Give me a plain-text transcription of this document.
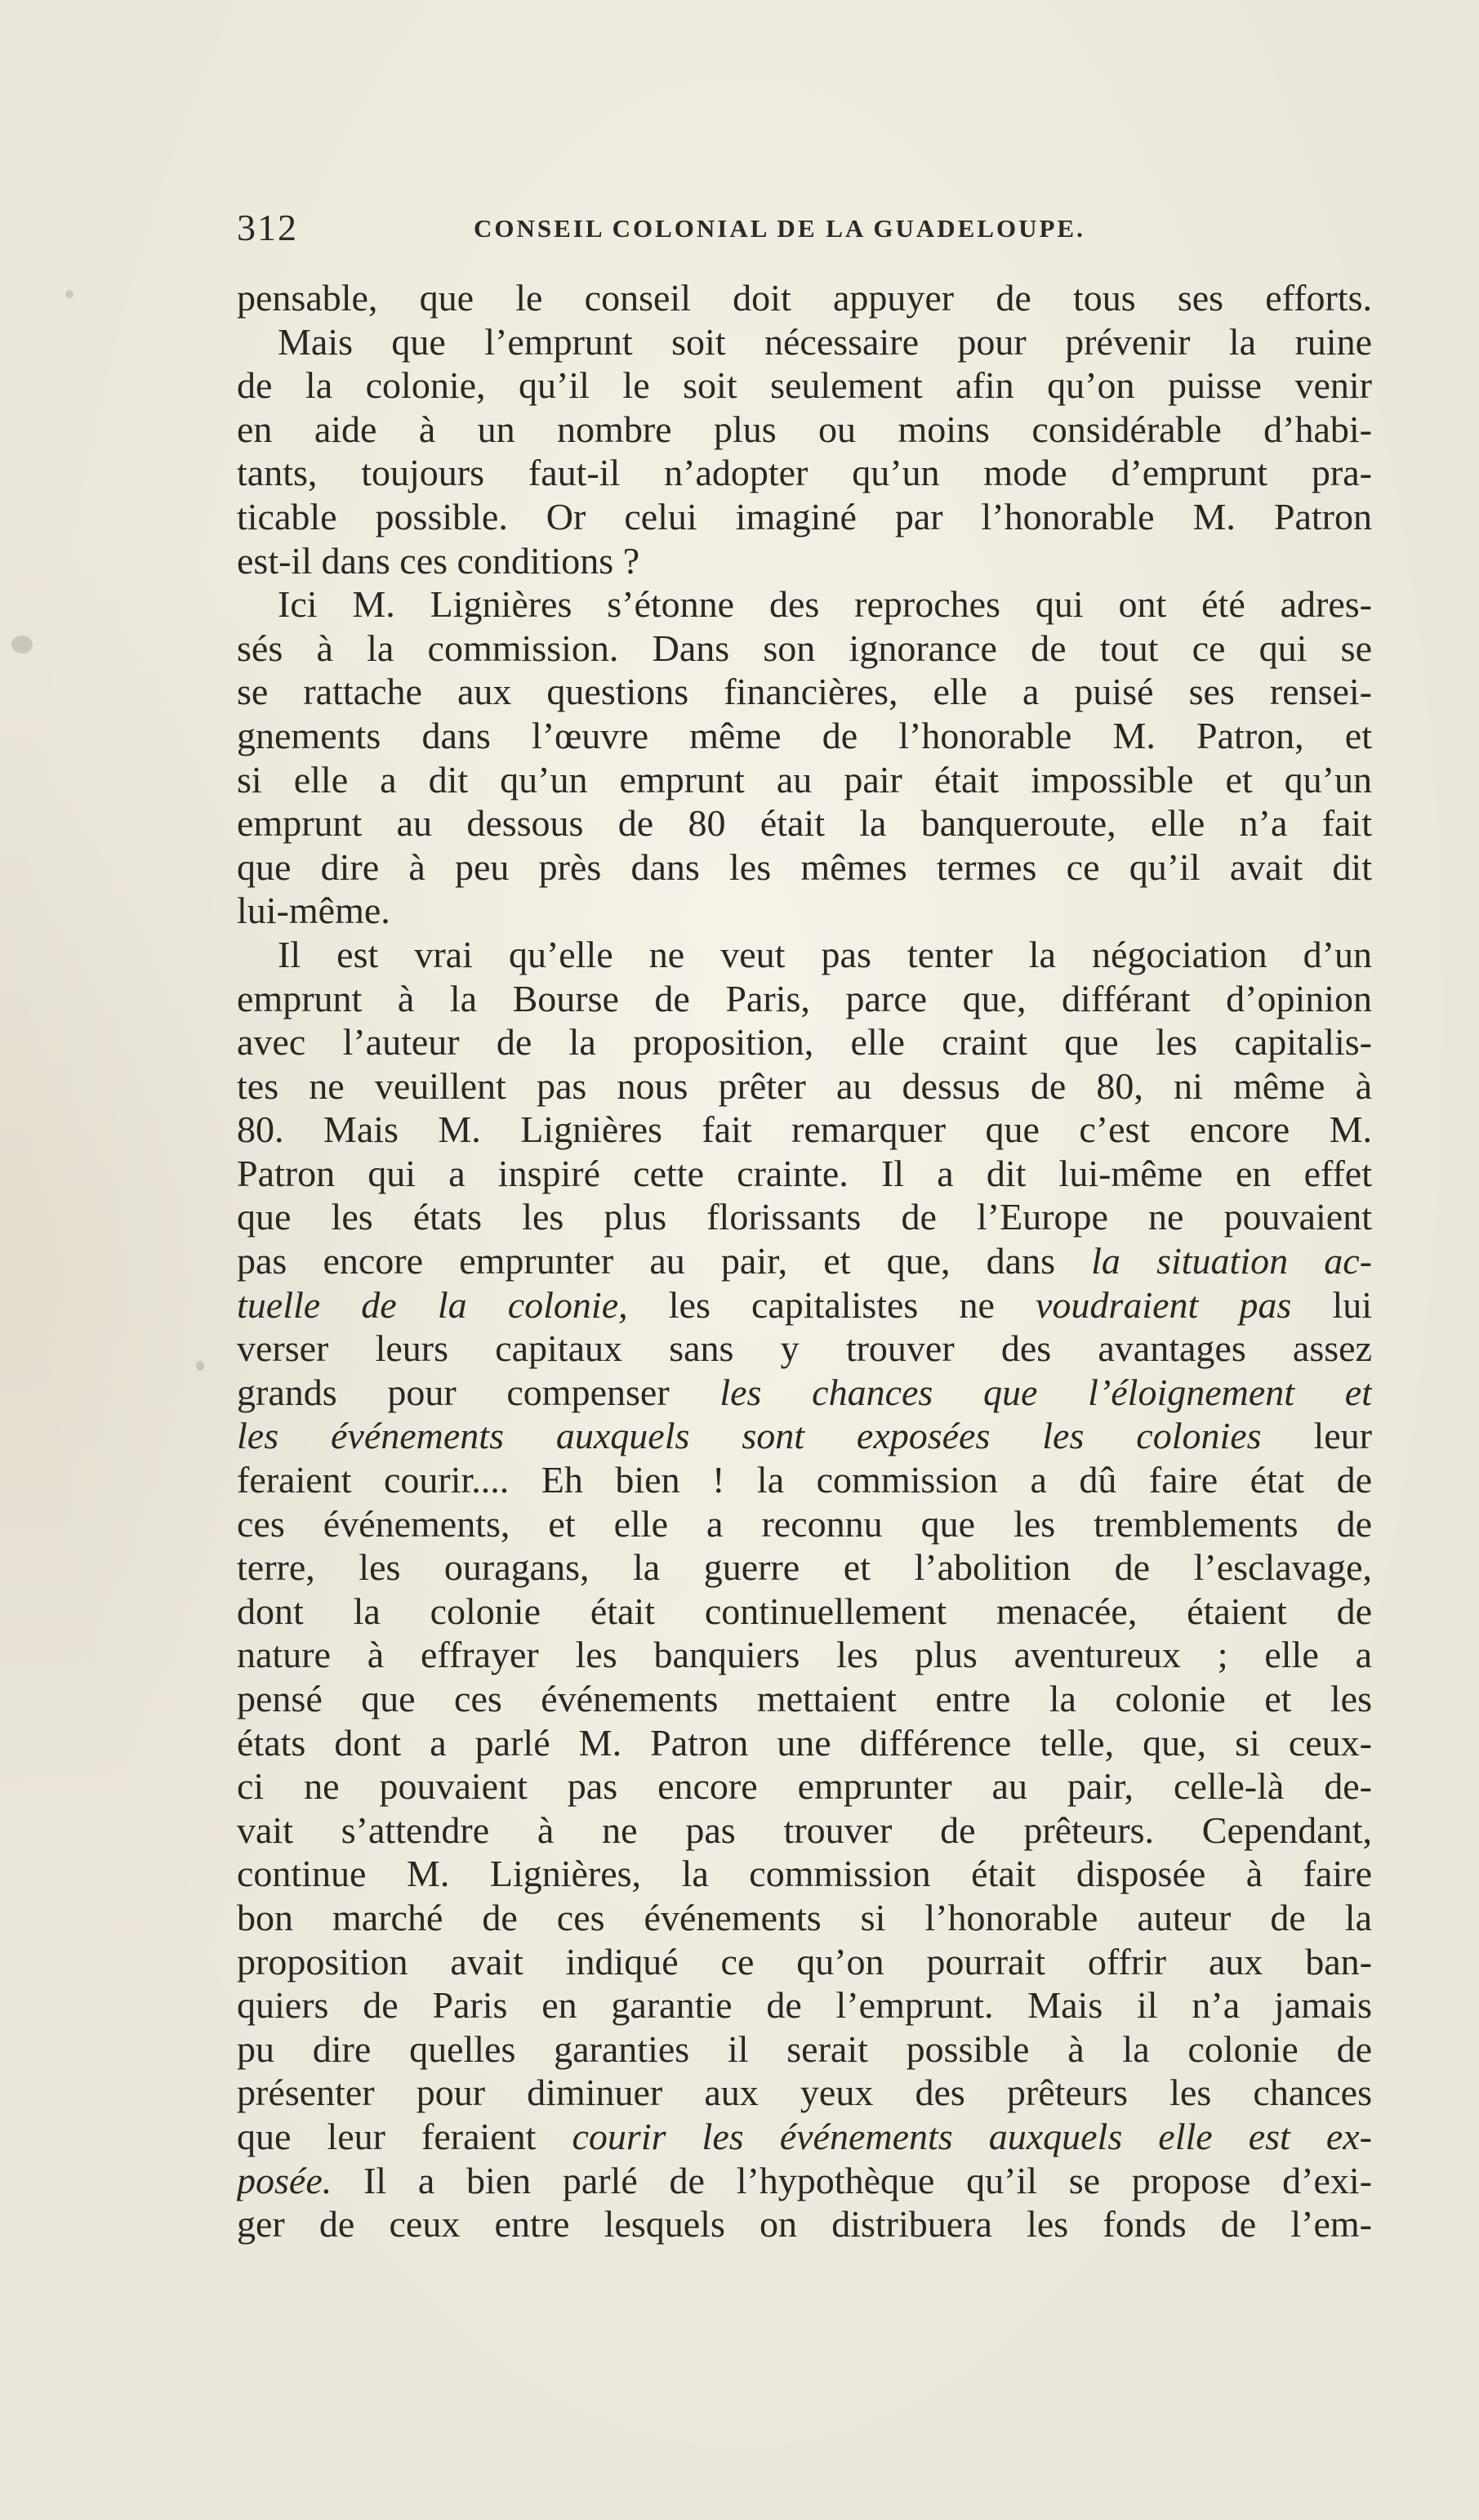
312	CONSEIL COLONIAL DE LA GUADELOUPE.
pensable, que le conseil doit appuyer de tous ses efforts.
Mais que l’emprunt soit nécessaire pour prévenir la ruine
de la colonie, qu’il le soit seulement afin qu’on puisse venir
en aide à un nombre plus ou moins considérable d’habi-
tants, toujours faut-il n’adopter qu’un mode d’emprunt pra-
ticable possible. Or celui imaginé par l’honorable M. Patron
est-il dans ces conditions ?
Ici M. Lignières s’étonne des reproches qui ont été adres-
sés à la commission. Dans son ignorance de tout ce qui se
se rattache aux questions financières, elle a puisé ses rensei-
gnements dans l’œuvre même de l’honorable M. Patron, et
si elle a dit qu’un emprunt au pair était impossible et qu’un
emprunt au dessous de 80 était la banqueroute, elle n’a fait
que dire à peu près dans les mêmes termes ce qu’il avait dit
lui-même.
Il est vrai qu’elle ne veut pas tenter la négociation d’un
emprunt à la Bourse de Paris, parce que, différant d’opinion
avec l’auteur de la proposition, elle craint que les capitalis-
tes ne veuillent pas nous prêter au dessus de 80, ni même à
80. Mais M. Lignières fait remarquer que c’est encore M.
Patron qui a inspiré cette crainte. Il a dit lui-même en effet
que les états les plus florissants de l’Europe ne pouvaient
pas encore emprunter au pair, et que, dans la situation ac-
tuelle de la colonie, les capitalistes ne voudraient pas lui
verser leurs capitaux sans y trouver des avantages assez
grands pour compenser les chances que l’éloignement et
les événements auxquels sont exposées les colonies leur
feraient courir.... Eh bien ! la commission a dû faire état de
ces événements, et elle a reconnu que les tremblements de
terre, les ouragans, la guerre et l’abolition de l’esclavage,
dont la colonie était continuellement menacée, étaient de
nature à effrayer les banquiers les plus aventureux ; elle a
pensé que ces événements mettaient entre la colonie et les
états dont a parlé M. Patron une différence telle, que, si ceux-
ci ne pouvaient pas encore emprunter au pair, celle-là de-
vait s’attendre à ne pas trouver de prêteurs. Cependant,
continue M. Lignières, la commission était disposée à faire
bon marché de ces événements si l’honorable auteur de la
proposition avait indiqué ce qu’on pourrait offrir aux ban-
quiers de Paris en garantie de l’emprunt. Mais il n’a jamais
pu dire quelles garanties il serait possible à la colonie de
présenter pour diminuer aux yeux des prêteurs les chances
que leur feraient courir les événements auxquels elle est ex-
posée. Il a bien parlé de l’hypothèque qu’il se propose d’exi-
ger de ceux entre lesquels on distribuera les fonds de l’em-
